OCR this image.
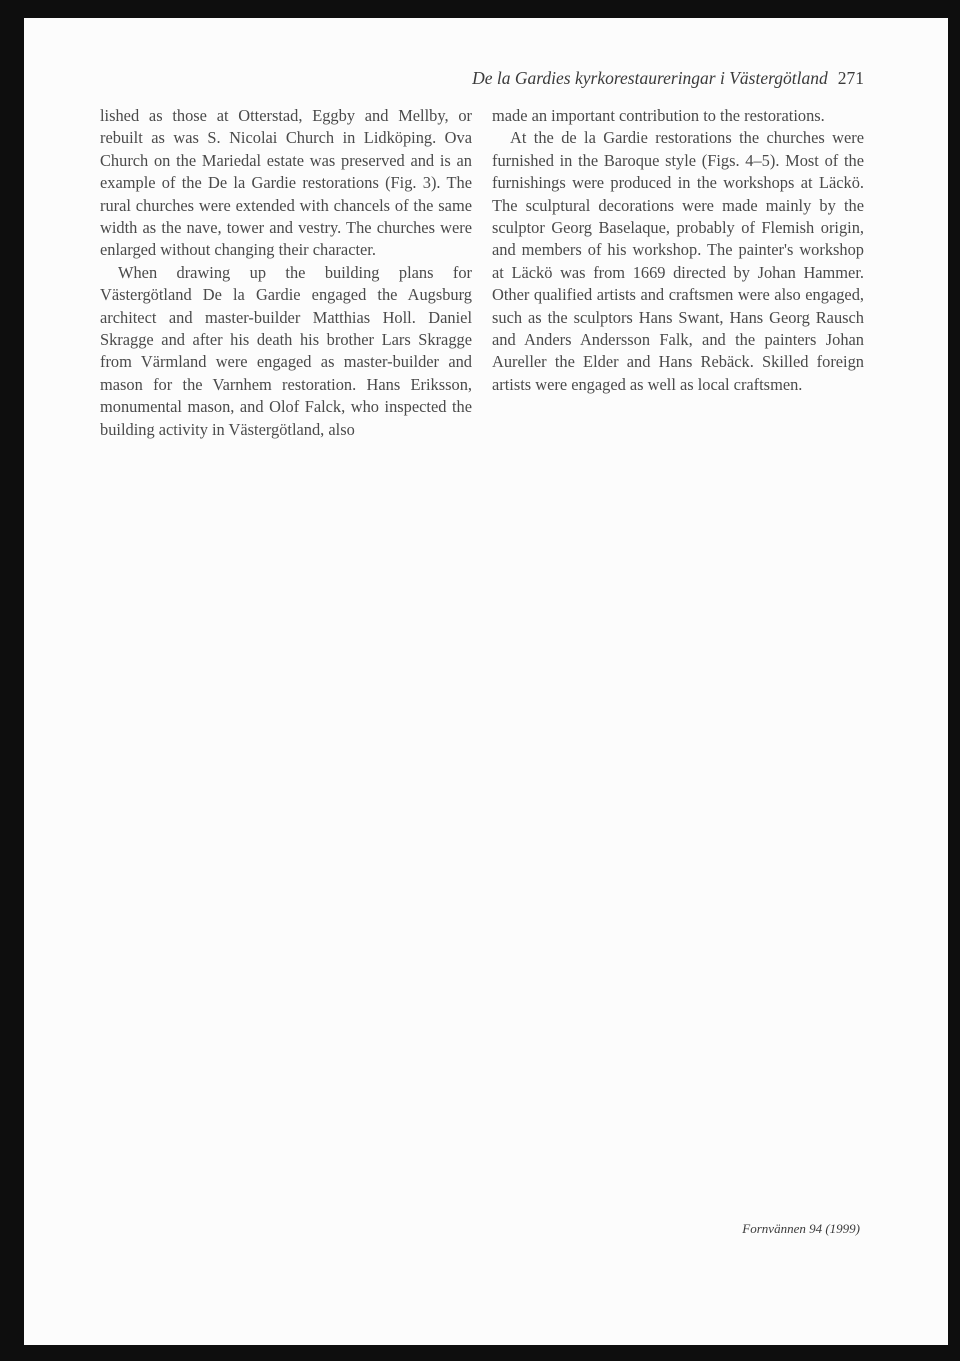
De la Gardies kyrkorestaureringar i Västergötland 271

lished as those at Otterstad, Eggby and Mellby, or rebuilt as was S. Nicolai Church in Lidköping. Ova Church on the Mariedal estate was preserved and is an example of the De la Gardie restorations (Fig. 3). The rural churches were extended with chancels of the same width as the nave, tower and vestry. The churches were enlarged without changing their character.

When drawing up the building plans for Västergötland De la Gardie engaged the Augsburg architect and master-builder Matthias Holl. Daniel Skragge and after his death his brother Lars Skragge from Värmland were engaged as master-builder and mason for the Varnhem restoration. Hans Eriksson, monumental mason, and Olof Falck, who inspected the building activity in Västergötland, also

made an important contribution to the restorations.

At the de la Gardie restorations the churches were furnished in the Baroque style (Figs. 4–5). Most of the furnishings were produced in the workshops at Läckö. The sculptural decorations were made mainly by the sculptor Georg Baselaque, probably of Flemish origin, and members of his workshop. The painter's workshop at Läckö was from 1669 directed by Johan Hammer. Other qualified artists and craftsmen were also engaged, such as the sculptors Hans Swant, Hans Georg Rausch and Anders Andersson Falk, and the painters Johan Aureller the Elder and Hans Rebäck. Skilled foreign artists were engaged as well as local craftsmen.

Fornvännen 94 (1999)
